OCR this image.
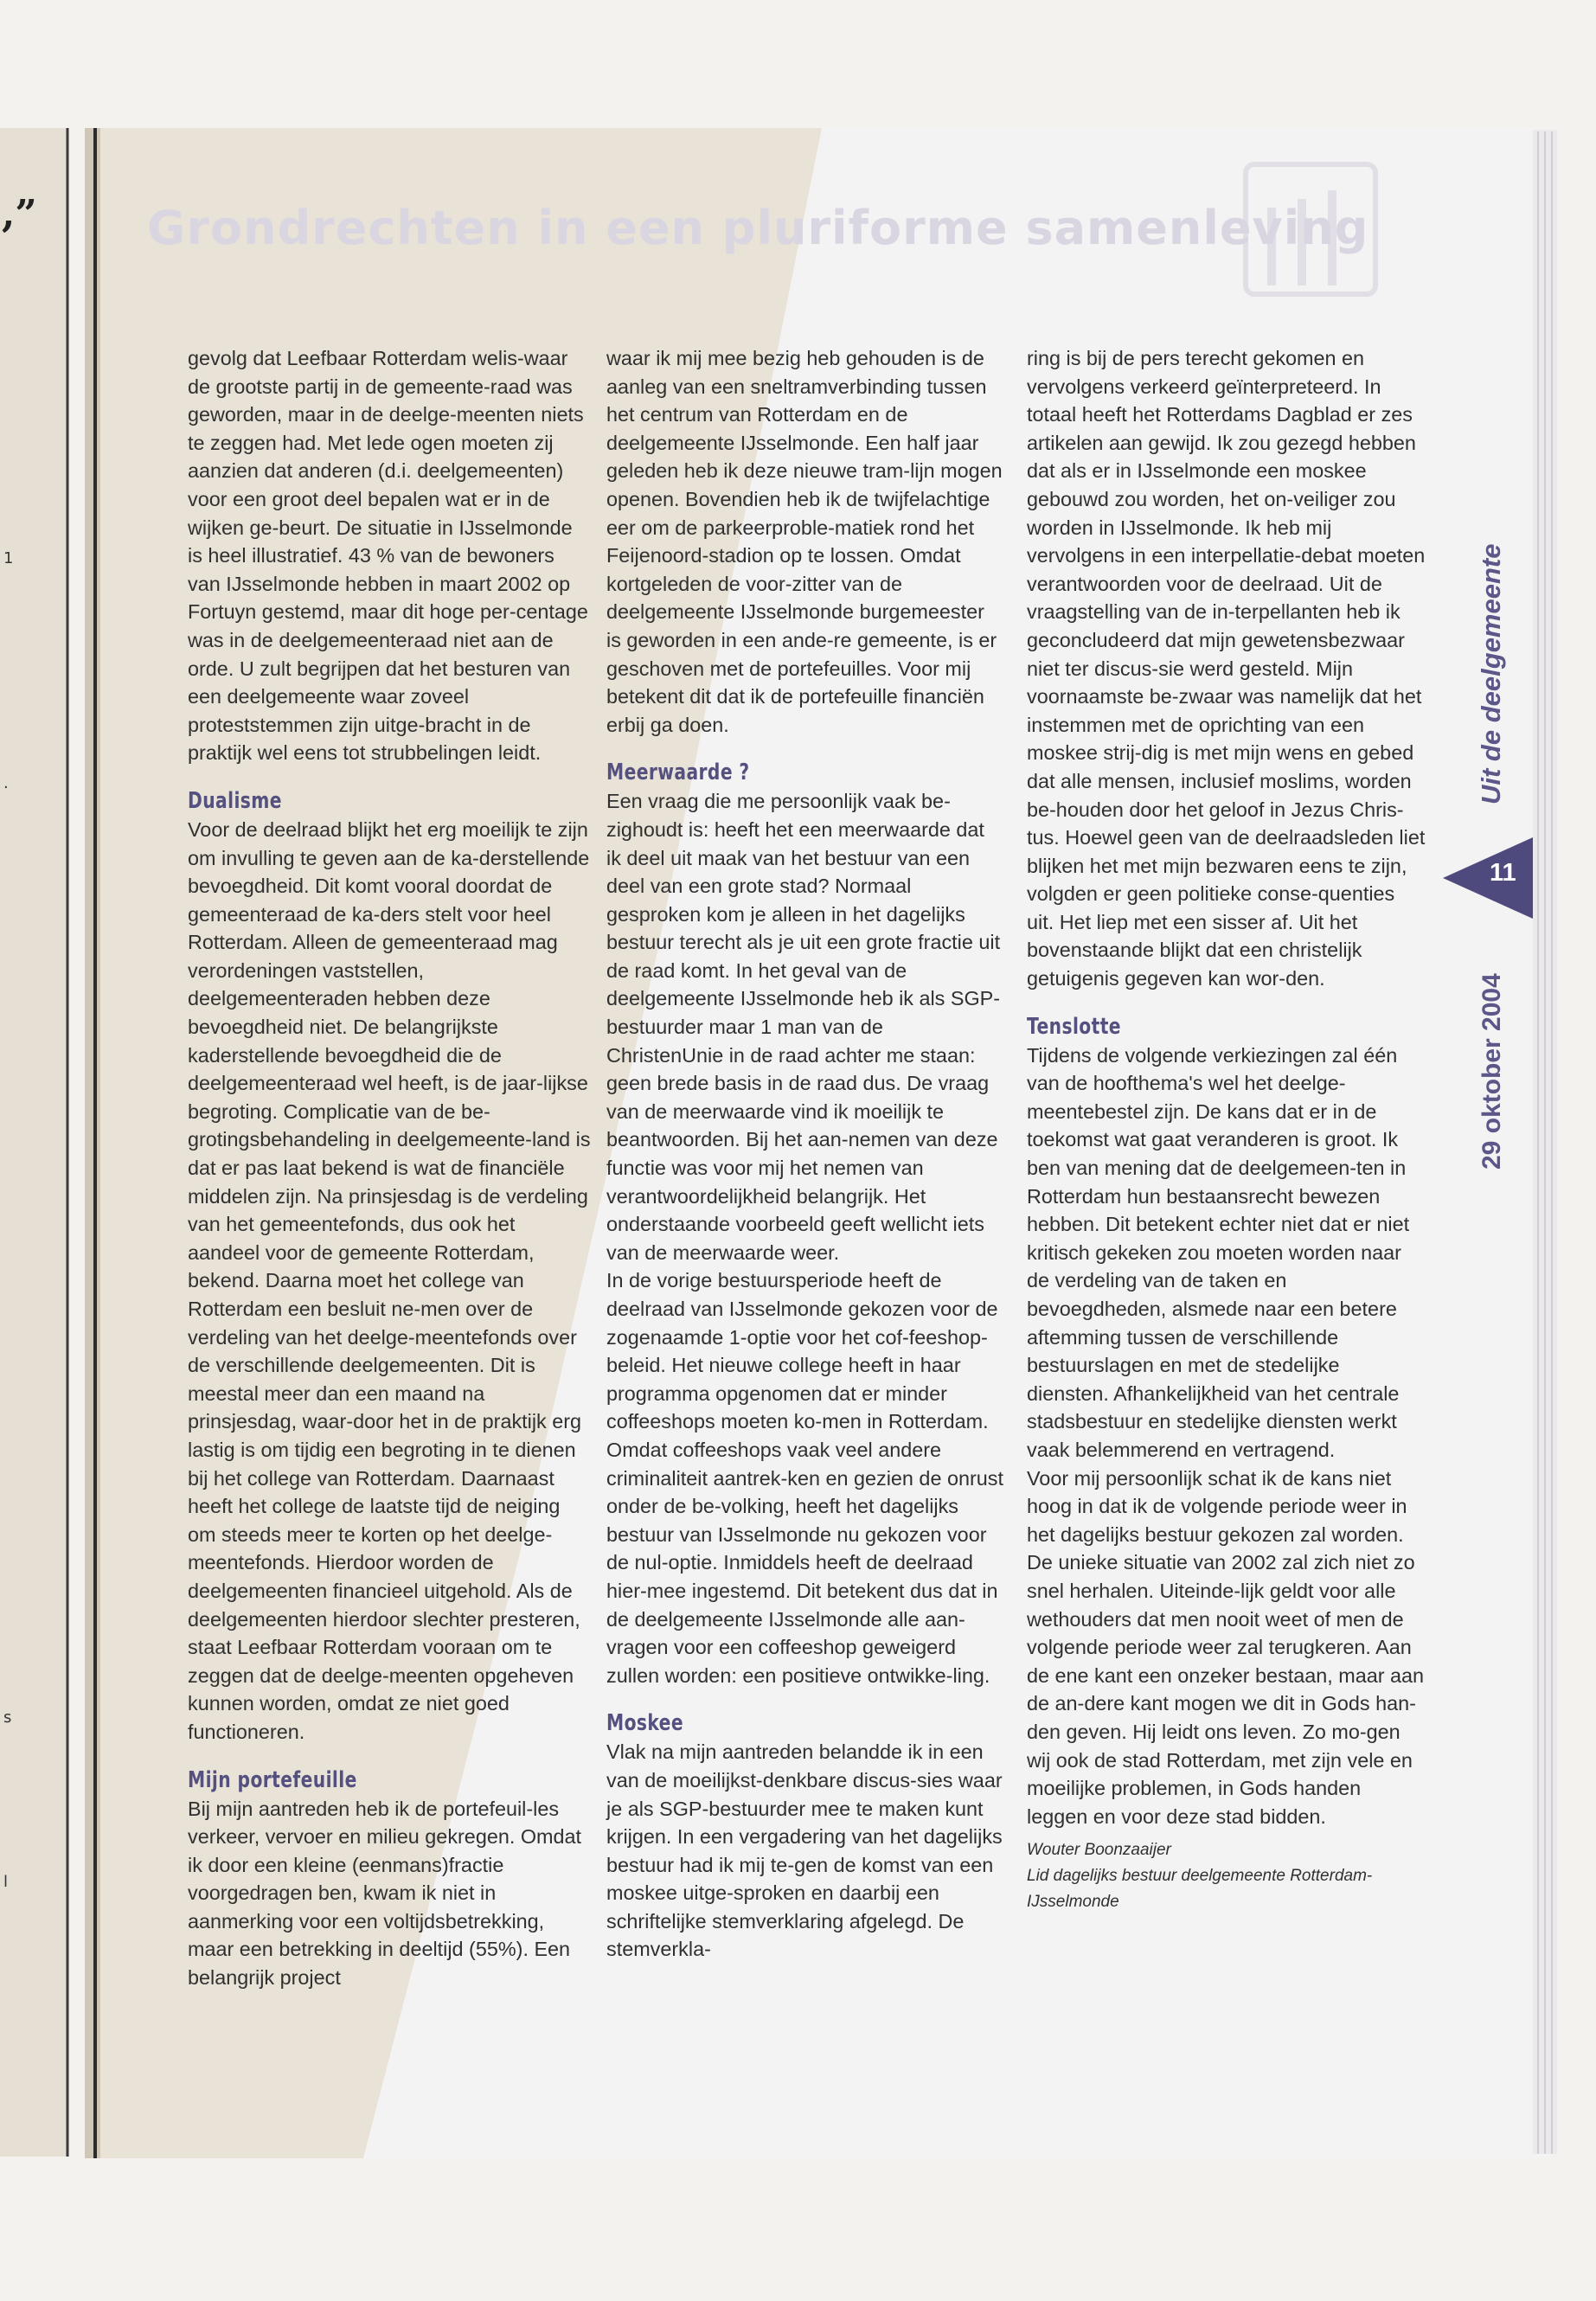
Grondrechten in een pluriforme samenleving
,”
1
.
s
l
Uit de deelgemeente
11
29 oktober 2004

gevolg dat Leefbaar Rotterdam welis-waar de grootste partij in de gemeente-raad was geworden, maar in de deelge-meenten niets te zeggen had. Met lede ogen moeten zij aanzien dat anderen (d.i. deelgemeenten) voor een groot deel bepalen wat er in de wijken ge-beurt. De situatie in IJsselmonde is heel illustratief. 43 % van de bewoners van IJsselmonde hebben in maart 2002 op Fortuyn gestemd, maar dit hoge per-centage was in de deelgemeenteraad niet aan de orde. U zult begrijpen dat het besturen van een deelgemeente waar zoveel proteststemmen zijn uitge-bracht in de praktijk wel eens tot strubbelingen leidt.

Dualisme

Voor de deelraad blijkt het erg moeilijk te zijn om invulling te geven aan de ka-derstellende bevoegdheid. Dit komt vooral doordat de gemeenteraad de ka-ders stelt voor heel Rotterdam. Alleen de gemeenteraad mag verordeningen vaststellen, deelgemeenteraden hebben deze bevoegdheid niet. De belangrijkste kaderstellende bevoegdheid die de deelgemeenteraad wel heeft, is de jaar-lijkse begroting. Complicatie van de be-grotingsbehandeling in deelgemeente-land is dat er pas laat bekend is wat de financiële middelen zijn. Na prinsjesdag is de verdeling van het gemeentefonds, dus ook het aandeel voor de gemeente Rotterdam, bekend. Daarna moet het college van Rotterdam een besluit ne-men over de verdeling van het deelge-meentefonds over de verschillende deelgemeenten. Dit is meestal meer dan een maand na prinsjesdag, waar-door het in de praktijk erg lastig is om tijdig een begroting in te dienen bij het college van Rotterdam. Daarnaast heeft het college de laatste tijd de neiging om steeds meer te korten op het deelge-meentefonds. Hierdoor worden de deelgemeenten financieel uitgehold. Als de deelgemeenten hierdoor slechter presteren, staat Leefbaar Rotterdam vooraan om te zeggen dat de deelge-meenten opgeheven kunnen worden, omdat ze niet goed functioneren.

Mijn portefeuille

Bij mijn aantreden heb ik de portefeuil-les verkeer, vervoer en milieu gekregen. Omdat ik door een kleine (eenmans)fractie voorgedragen ben, kwam ik niet in aanmerking voor een voltijdsbetrekking, maar een betrekking in deeltijd (55%). Een belangrijk project

waar ik mij mee bezig heb gehouden is de aanleg van een sneltramverbinding tussen het centrum van Rotterdam en de deelgemeente IJsselmonde. Een half jaar geleden heb ik deze nieuwe tram-lijn mogen openen. Bovendien heb ik de twijfelachtige eer om de parkeerproble-matiek rond het Feijenoord-stadion op te lossen. Omdat kortgeleden de voor-zitter van de deelgemeente IJsselmonde burgemeester is geworden in een ande-re gemeente, is er geschoven met de portefeuilles. Voor mij betekent dit dat ik de portefeuille financiën erbij ga doen.

Meerwaarde ?

Een vraag die me persoonlijk vaak be-zighoudt is: heeft het een meerwaarde dat ik deel uit maak van het bestuur van een deel van een grote stad? Normaal gesproken kom je alleen in het dagelijks bestuur terecht als je uit een grote fractie uit de raad komt. In het geval van de deelgemeente IJsselmonde heb ik als SGP-bestuurder maar 1 man van de ChristenUnie in de raad achter me staan: geen brede basis in de raad dus. De vraag van de meerwaarde vind ik moeilijk te beantwoorden. Bij het aan-nemen van deze functie was voor mij het nemen van verantwoordelijkheid belangrijk. Het onderstaande voorbeeld geeft wellicht iets van de meerwaarde weer.

In de vorige bestuursperiode heeft de deelraad van IJsselmonde gekozen voor de zogenaamde 1-optie voor het cof-feeshop-beleid. Het nieuwe college heeft in haar programma opgenomen dat er minder coffeeshops moeten ko-men in Rotterdam. Omdat coffeeshops vaak veel andere criminaliteit aantrek-ken en gezien de onrust onder de be-volking, heeft het dagelijks bestuur van IJsselmonde nu gekozen voor de nul-optie. Inmiddels heeft de deelraad hier-mee ingestemd. Dit betekent dus dat in de deelgemeente IJsselmonde alle aan-vragen voor een coffeeshop geweigerd zullen worden: een positieve ontwikke-ling.

Moskee

Vlak na mijn aantreden belandde ik in een van de moeilijkst-denkbare discus-sies waar je als SGP-bestuurder mee te maken kunt krijgen. In een vergadering van het dagelijks bestuur had ik mij te-gen de komst van een moskee uitge-sproken en daarbij een schriftelijke stemverklaring afgelegd. De stemverkla-

ring is bij de pers terecht gekomen en vervolgens verkeerd geïnterpreteerd. In totaal heeft het Rotterdams Dagblad er zes artikelen aan gewijd. Ik zou gezegd hebben dat als er in IJsselmonde een moskee gebouwd zou worden, het on-veiliger zou worden in IJsselmonde. Ik heb mij vervolgens in een interpellatie-debat moeten verantwoorden voor de deelraad. Uit de vraagstelling van de in-terpellanten heb ik geconcludeerd dat mijn gewetensbezwaar niet ter discus-sie werd gesteld. Mijn voornaamste be-zwaar was namelijk dat het instemmen met de oprichting van een moskee strij-dig is met mijn wens en gebed dat alle mensen, inclusief moslims, worden be-houden door het geloof in Jezus Chris-tus. Hoewel geen van de deelraadsleden liet blijken het met mijn bezwaren eens te zijn, volgden er geen politieke conse-quenties uit. Het liep met een sisser af. Uit het bovenstaande blijkt dat een christelijk getuigenis gegeven kan wor-den.

Tenslotte

Tijdens de volgende verkiezingen zal één van de hoofthema's wel het deelge-meentebestel zijn. De kans dat er in de toekomst wat gaat veranderen is groot. Ik ben van mening dat de deelgemeen-ten in Rotterdam hun bestaansrecht bewezen hebben. Dit betekent echter niet dat er niet kritisch gekeken zou moeten worden naar de verdeling van de taken en bevoegdheden, alsmede naar een betere aftemming tussen de verschillende bestuurslagen en met de stedelijke diensten. Afhankelijkheid van het centrale stadsbestuur en stedelijke diensten werkt vaak belemmerend en vertragend.

Voor mij persoonlijk schat ik de kans niet hoog in dat ik de volgende periode weer in het dagelijks bestuur gekozen zal worden. De unieke situatie van 2002 zal zich niet zo snel herhalen. Uiteinde-lijk geldt voor alle wethouders dat men nooit weet of men de volgende periode weer zal terugkeren. Aan de ene kant een onzeker bestaan, maar aan de an-dere kant mogen we dit in Gods han-den geven. Hij leidt ons leven. Zo mo-gen wij ook de stad Rotterdam, met zijn vele en moeilijke problemen, in Gods handen leggen en voor deze stad bidden.

Wouter Boonzaaijer

Lid dagelijks bestuur deelgemeente Rotterdam-IJsselmonde
